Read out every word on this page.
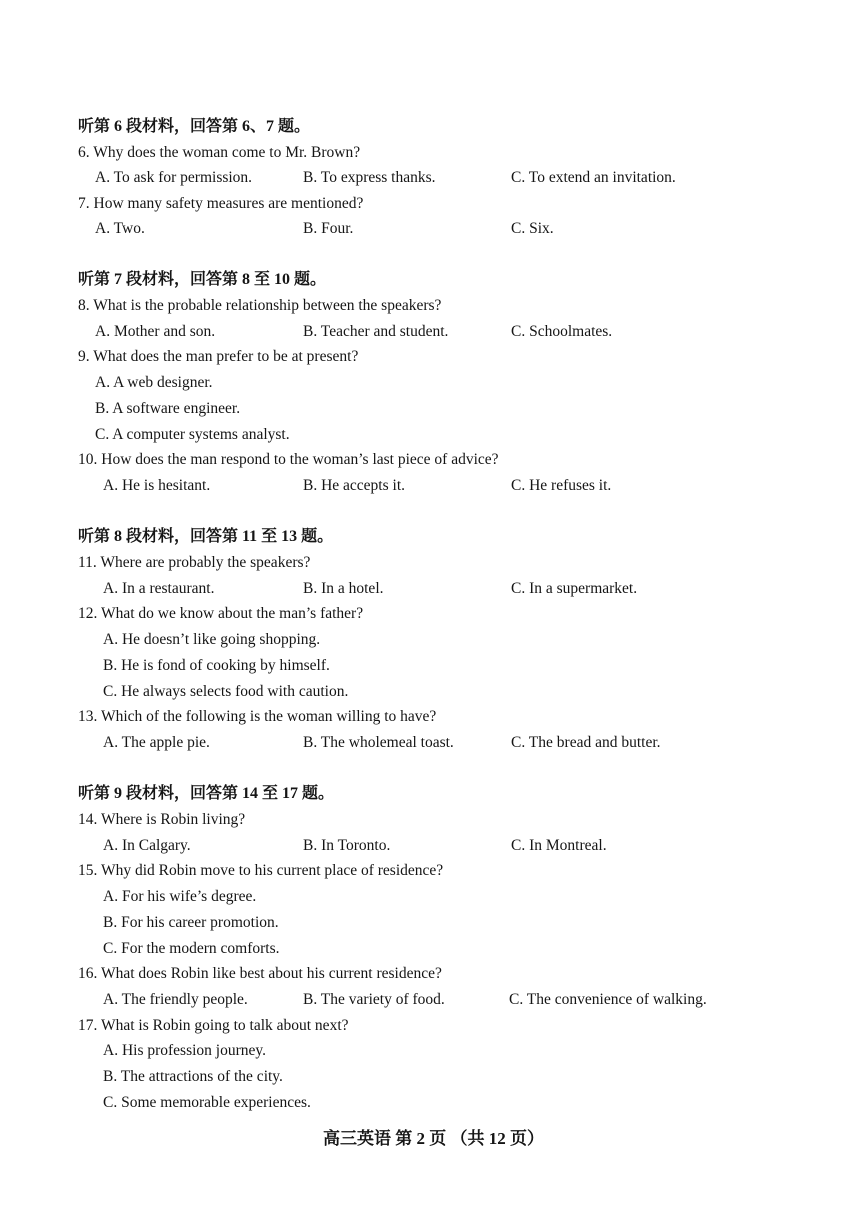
听第 6 段材料，回答第 6、7 题。
6. Why does the woman come to Mr. Brown?
A. To ask for permission.	B. To express thanks.	C. To extend an invitation.
7. How many safety measures are mentioned?
A. Two.	B. Four.	C. Six.
听第 7 段材料，回答第 8 至 10 题。
8. What is the probable relationship between the speakers?
A. Mother and son.	B. Teacher and student.	C. Schoolmates.
9. What does the man prefer to be at present?
A. A web designer.
B. A software engineer.
C. A computer systems analyst.
10. How does the man respond to the woman’s last piece of advice?
A. He is hesitant.	B. He accepts it.	C. He refuses it.
听第 8 段材料，回答第 11 至 13 题。
11. Where are probably the speakers?
A. In a restaurant.	B. In a hotel.	C. In a supermarket.
12. What do we know about the man’s father?
A. He doesn’t like going shopping.
B. He is fond of cooking by himself.
C. He always selects food with caution.
13. Which of the following is the woman willing to have?
A. The apple pie.	B. The wholemeal toast.	C. The bread and butter.
听第 9 段材料，回答第 14 至 17 题。
14. Where is Robin living?
A. In Calgary.	B. In Toronto.	C. In Montreal.
15. Why did Robin move to his current place of residence?
A. For his wife’s degree.
B. For his career promotion.
C. For the modern comforts.
16. What does Robin like best about his current residence?
A. The friendly people.	B. The variety of food.	C. The convenience of walking.
17. What is Robin going to talk about next?
A. His profession journey.
B. The attractions of the city.
C. Some memorable experiences.
高三英语 第 2 页 （共 12 页）
